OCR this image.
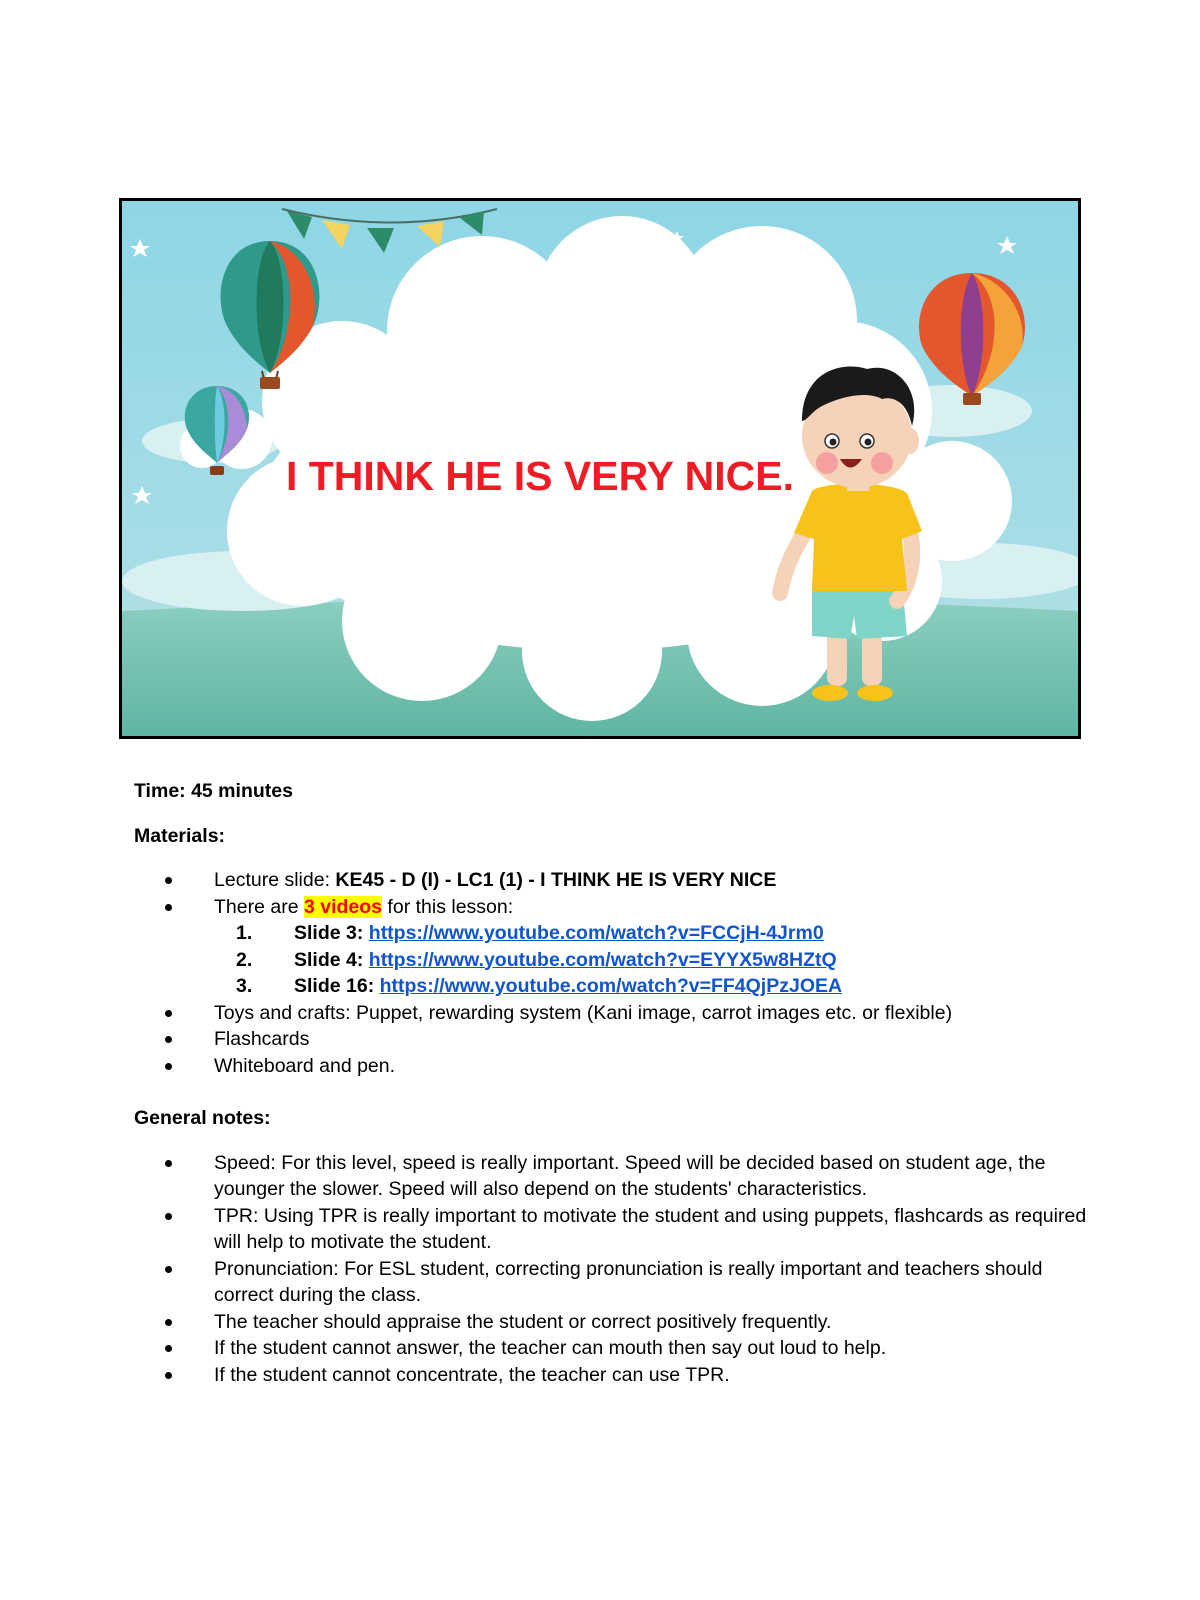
I THINK HE IS VERY NICE.

Time: 45 minutes

Materials:

Lecture slide: KE45 - D (I) - LC1 (1) - I THINK HE IS VERY NICE
There are 3 videos for this lesson:
1. Slide 3: https://www.youtube.com/watch?v=FCCjH-4Jrm0
2. Slide 4: https://www.youtube.com/watch?v=EYYX5w8HZtQ
3. Slide 16: https://www.youtube.com/watch?v=FF4QjPzJOEA
Toys and crafts: Puppet, rewarding system (Kani image, carrot images etc. or flexible)
Flashcards
Whiteboard and pen.

General notes:

Speed: For this level, speed is really important. Speed will be decided based on student age, the younger the slower. Speed will also depend on the students' characteristics.
TPR: Using TPR is really important to motivate the student and using puppets, flashcards as required will help to motivate the student.
Pronunciation: For ESL student, correcting pronunciation is really important and teachers should correct during the class.
The teacher should appraise the student or correct positively frequently.
If the student cannot answer, the teacher can mouth then say out loud to help.
If the student cannot concentrate, the teacher can use TPR.
